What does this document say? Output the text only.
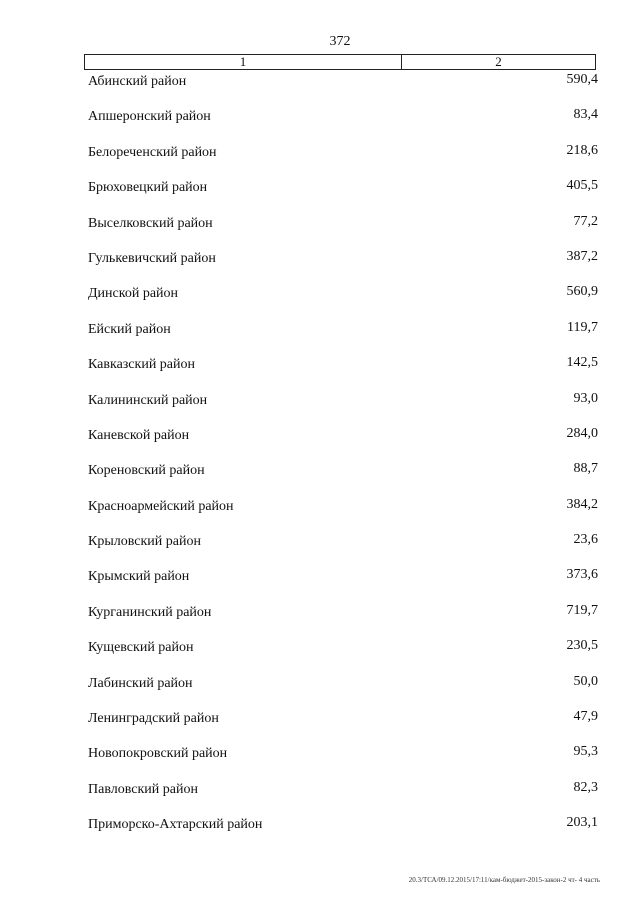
372
1	2
Абинский район	590,4
Апшеронский район	83,4
Белореченский район	218,6
Брюховецкий район	405,5
Выселковский район	77,2
Гулькевичский район	387,2
Динской район	560,9
Ейский район	119,7
Кавказский район	142,5
Калининский район	93,0
Каневской район	284,0
Кореновский район	88,7
Красноармейский район	384,2
Крыловский район	23,6
Крымский район	373,6
Курганинский район	719,7
Кущевский район	230,5
Лабинский район	50,0
Ленинградский район	47,9
Новопокровский район	95,3
Павловский район	82,3
Приморско-Ахтарский район	203,1
20.3/ТСА/09.12.2015/17:11/кам-бюджет-2015-закон-2 чт- 4 часть
